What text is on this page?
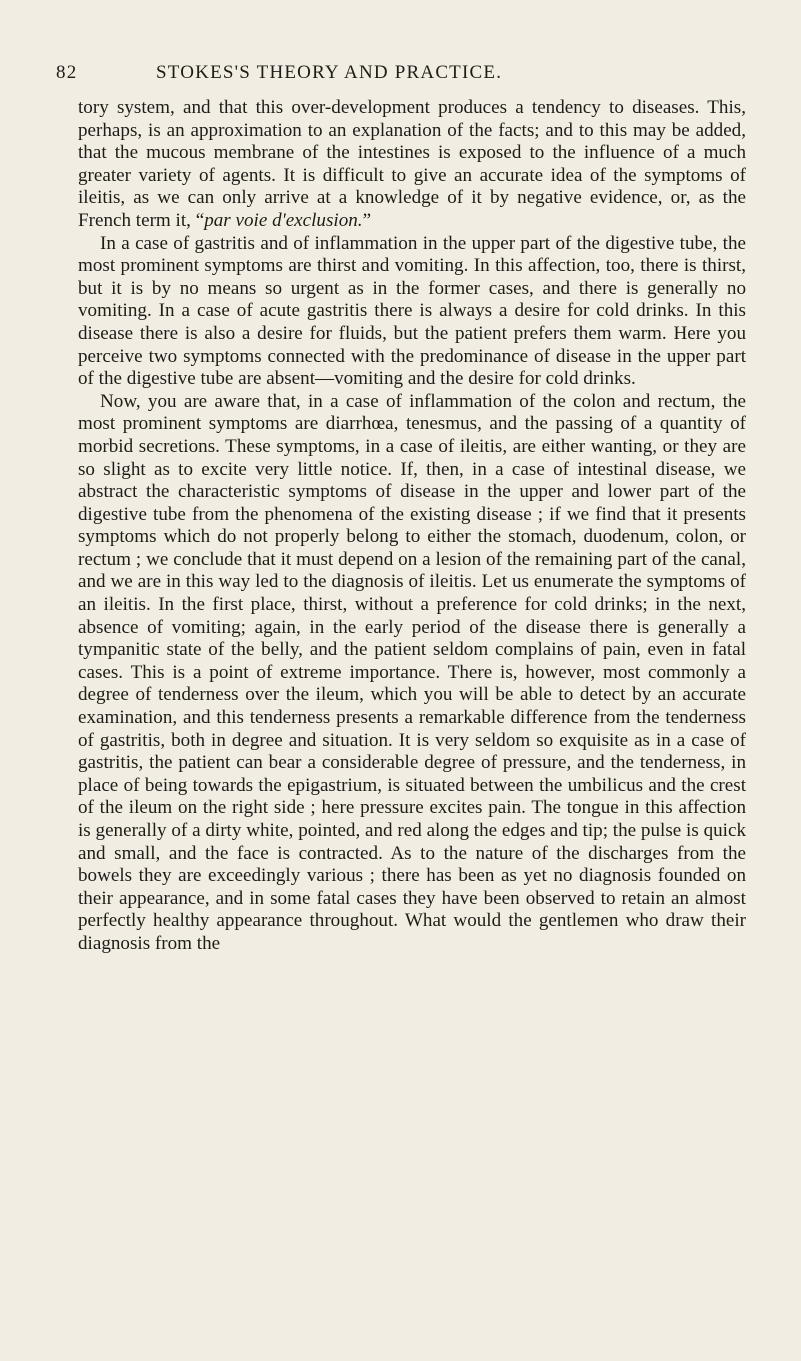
82	STOKES'S THEORY AND PRACTICE.

tory system, and that this over-development produces a tendency to diseases. This, perhaps, is an approximation to an explanation of the facts; and to this may be added, that the mucous membrane of the intestines is exposed to the influence of a much greater variety of agents. It is difficult to give an accurate idea of the symptoms of ileitis, as we can only arrive at a knowledge of it by negative evidence, or, as the French term it, “par voie d'exclusion.”

In a case of gastritis and of inflammation in the upper part of the digestive tube, the most prominent symptoms are thirst and vomiting. In this affection, too, there is thirst, but it is by no means so urgent as in the former cases, and there is generally no vomiting. In a case of acute gastritis there is always a desire for cold drinks. In this disease there is also a desire for fluids, but the patient prefers them warm. Here you perceive two symptoms connected with the predominance of disease in the upper part of the digestive tube are absent—vomiting and the desire for cold drinks.

Now, you are aware that, in a case of inflammation of the colon and rectum, the most prominent symptoms are diarrhœa, tenesmus, and the passing of a quantity of morbid secretions. These symptoms, in a case of ileitis, are either wanting, or they are so slight as to excite very little notice. If, then, in a case of intestinal disease, we abstract the characteristic symptoms of disease in the upper and lower part of the digestive tube from the phenomena of the existing disease ; if we find that it presents symptoms which do not properly belong to either the stomach, duodenum, colon, or rectum ; we conclude that it must depend on a lesion of the remaining part of the canal, and we are in this way led to the diagnosis of ileitis. Let us enumerate the symptoms of an ileitis. In the first place, thirst, without a preference for cold drinks; in the next, absence of vomiting; again, in the early period of the disease there is generally a tympanitic state of the belly, and the patient seldom complains of pain, even in fatal cases. This is a point of extreme importance. There is, however, most commonly a degree of tenderness over the ileum, which you will be able to detect by an accurate examination, and this tenderness presents a remarkable difference from the tenderness of gastritis, both in degree and situation. It is very seldom so exquisite as in a case of gastritis, the patient can bear a considerable degree of pressure, and the tenderness, in place of being towards the epigastrium, is situated between the umbilicus and the crest of the ileum on the right side ; here pressure excites pain. The tongue in this affection is generally of a dirty white, pointed, and red along the edges and tip; the pulse is quick and small, and the face is contracted. As to the nature of the discharges from the bowels they are exceedingly various ; there has been as yet no diagnosis founded on their appearance, and in some fatal cases they have been observed to retain an almost perfectly healthy appearance throughout. What would the gentlemen who draw their diagnosis from the
